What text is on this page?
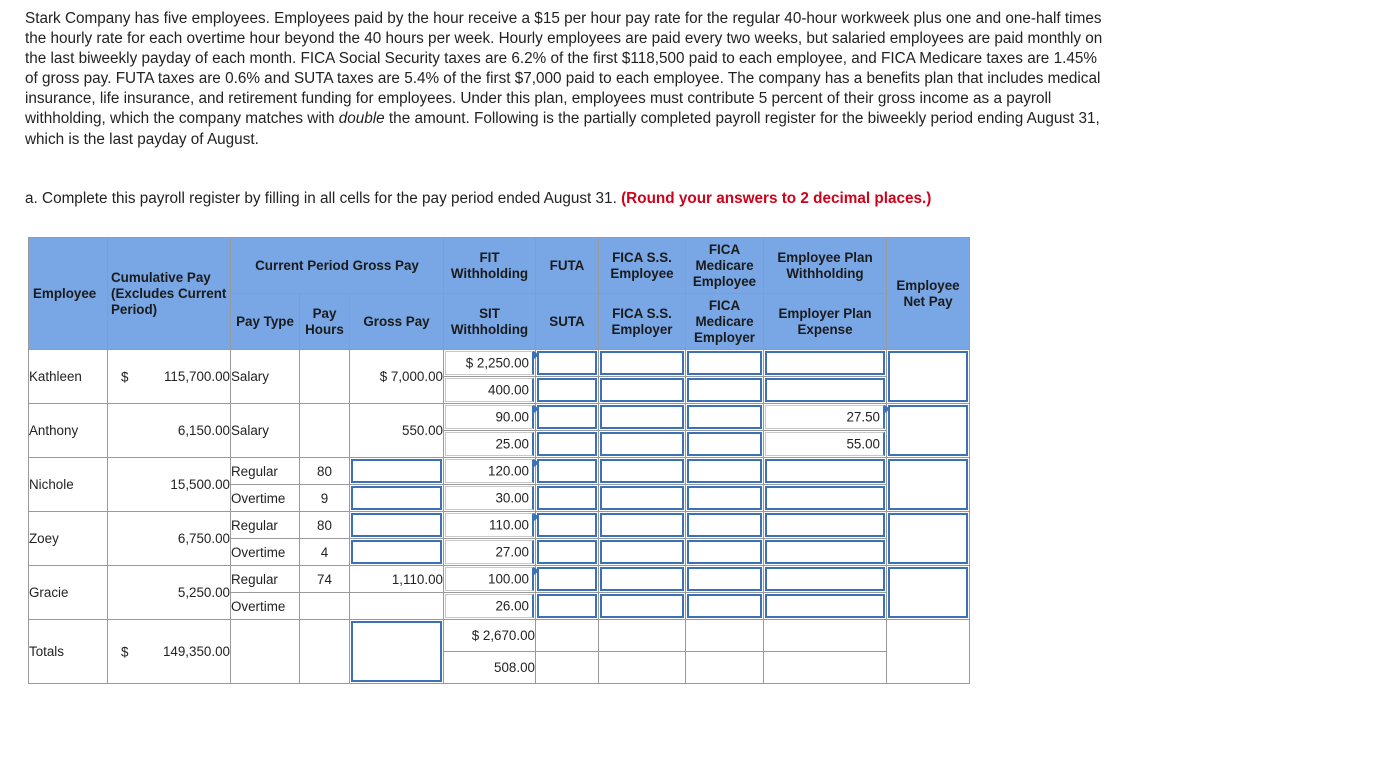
Stark Company has five employees. Employees paid by the hour receive a $15 per hour pay rate for the regular 40-hour workweek plus one and one-half times the hourly rate for each overtime hour beyond the 40 hours per week. Hourly employees are paid every two weeks, but salaried employees are paid monthly on the last biweekly payday of each month. FICA Social Security taxes are 6.2% of the first $118,500 paid to each employee, and FICA Medicare taxes are 1.45% of gross pay. FUTA taxes are 0.6% and SUTA taxes are 5.4% of the first $7,000 paid to each employee. The company has a benefits plan that includes medical insurance, life insurance, and retirement funding for employees. Under this plan, employees must contribute 5 percent of their gross income as a payroll withholding, which the company matches with double the amount. Following is the partially completed payroll register for the biweekly period ending August 31, which is the last payday of August.

a. Complete this payroll register by filling in all cells for the pay period ended August 31. (Round your answers to 2 decimal places.)

Employee	Cumulative Pay (Excludes Current Period)	Current Period Gross Pay			FIT Withholding	FUTA	FICA S.S. Employee	FICA Medicare Employee	Employee Plan Withholding	Employee Net Pay
		Pay Type	Pay Hours	Gross Pay	SIT Withholding	SUTA	FICA S.S. Employer	FICA Medicare Employer	Employer Plan Expense	
Kathleen	$ 115,700.00	Salary		$ 7,000.00	$ 2,250.00					

					400.00					

Anthony	6,150.00	Salary		550.00	90.00				27.50	

					25.00				55.00	

Nichole	15,500.00	Regular	80		120.00					

		Overtime	9		30.00					

Zoey	6,750.00	Regular	80		110.00					

		Overtime	4		27.00					

Gracie	5,250.00	Regular	74	1,110.00	100.00					

		Overtime			26.00					

Totals	$ 149,350.00				$ 2,670.00					
					508.00					
